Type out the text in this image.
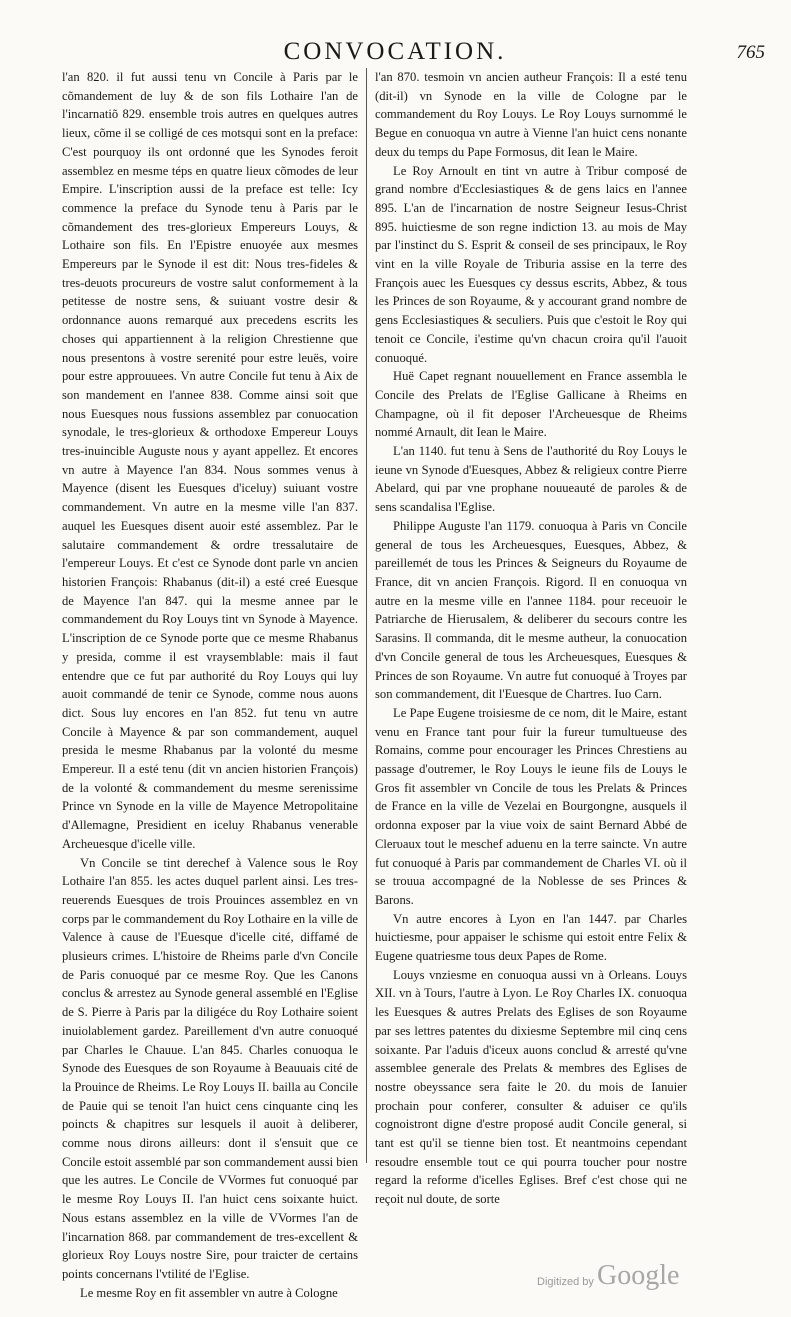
CONVOCATION.	765

l'an 820. il fut aussi tenu vn Concile à Paris par le cõmandement de luy & de son fils Lothaire l'an de l'incarnatiõ 829. ensemble trois autres en quelques autres lieux, cõme il se colligé de ces motsqui sont en la preface: C'est pourquoy ils ont ordonné que les Synodes feroit assemblez en mesme téps en quatre lieux cõmodes de leur Empire. L'inscription aussi de la preface est telle: Icy commence la preface du Synode tenu à Paris par le cõmandement des tres-glorieux Empereurs Louys, & Lothaire son fils. En l'Epistre enuoyée aux mesmes Empereurs par le Synode il est dit: Nous tres-fideles & tres-deuots procureurs de vostre salut conformement à la petitesse de nostre sens, & suiuant vostre desir & ordonnance auons remarqué aux precedens escrits les choses qui appartiennent à la religion Chrestienne que nous presentons à vostre serenité pour estre leuës, voire pour estre approuuees. Vn autre Concile fut tenu à Aix de son mandement en l'annee 838. Comme ainsi soit que nous Euesques nous fussions assemblez par conuocation synodale, le tres-glorieux & orthodoxe Empereur Louys tres-inuincible Auguste nous y ayant appellez. Et encores vn autre à Mayence l'an 834. Nous sommes venus à Mayence (disent les Euesques d'iceluy) suiuant vostre commandement. Vn autre en la mesme ville l'an 837. auquel les Euesques disent auoir esté assemblez. Par le salutaire commandement & ordre tressalutaire de l'empereur Louys. Et c'est ce Synode dont parle vn ancien historien François: Rhabanus (dit-il) a esté creé Euesque de Mayence l'an 847. qui la mesme annee par le commandement du Roy Louys tint vn Synode à Mayence. L'inscription de ce Synode porte que ce mesme Rhabanus y presida, comme il est vraysemblable: mais il faut entendre que ce fut par authorité du Roy Louys qui luy auoit commandé de tenir ce Synode, comme nous auons dict. Sous luy encores en l'an 852. fut tenu vn autre Concile à Mayence & par son commandement, auquel presida le mesme Rhabanus par la volonté du mesme Empereur. Il a esté tenu (dit vn ancien historien François) de la volonté & commandement du mesme serenissime Prince vn Synode en la ville de Mayence Metropolitaine d'Allemagne, Presidient en iceluy Rhabanus venerable Archeuesque d'icelle ville.

Vn Concile se tint derechef à Valence sous le Roy Lothaire l'an 855. les actes duquel parlent ainsi. Les tres-reuerends Euesques de trois Prouinces assemblez en vn corps par le commandement du Roy Lothaire en la ville de Valence à cause de l'Euesque d'icelle cité, diffamé de plusieurs crimes. L'histoire de Rheims parle d'vn Concile de Paris conuoqué par ce mesme Roy. Que les Canons conclus & arrestez au Synode general assemblé en l'Eglise de S. Pierre à Paris par la diligéce du Roy Lothaire soient inuiolablement gardez. Pareillement d'vn autre conuoqué par Charles le Chauue. L'an 845. Charles conuoqua le Synode des Euesques de son Royaume à Beauuais cité de la Prouince de Rheims. Le Roy Louys II. bailla au Concile de Pauie qui se tenoit l'an huict cens cinquante cinq les poincts & chapitres sur lesquels il auoit à deliberer, comme nous dirons ailleurs: dont il s'ensuit que ce Concile estoit assemblé par son commandement aussi bien que les autres. Le Concile de VVormes fut conuoqué par le mesme Roy Louys II. l'an huict cens soixante huict. Nous estans assemblez en la ville de VVormes l'an de l'incarnation 868. par commandement de tres-excellent & glorieux Roy Louys nostre Sire, pour traicter de certains points concernans l'vtilité de l'Eglise.

Le mesme Roy en fit assembler vn autre à Cologne

l'an 870. tesmoin vn ancien autheur François: Il a esté tenu (dit-il) vn Synode en la ville de Cologne par le commandement du Roy Louys. Le Roy Louys surnommé le Begue en conuoqua vn autre à Vienne l'an huict cens nonante deux du temps du Pape Formosus, dit Iean le Maire.

Le Roy Arnoult en tint vn autre à Tribur composé de grand nombre d'Ecclesiastiques & de gens laics en l'annee 895. L'an de l'incarnation de nostre Seigneur Iesus-Christ 895. huictiesme de son regne indiction 13. au mois de May par l'instinct du S. Esprit & conseil de ses principaux, le Roy vint en la ville Royale de Triburia assise en la terre des François auec les Euesques cy dessus escrits, Abbez, & tous les Princes de son Royaume, & y accourant grand nombre de gens Ecclesiastiques & seculiers. Puis que c'estoit le Roy qui tenoit ce Concile, i'estime qu'vn chacun croira qu'il l'auoit conuoqué.

Huë Capet regnant nouuellement en France assembla le Concile des Prelats de l'Eglise Gallicane à Rheims en Champagne, où il fit deposer l'Archeuesque de Rheims nommé Arnault, dit Iean le Maire.

L'an 1140. fut tenu à Sens de l'authorité du Roy Louys le ieune vn Synode d'Euesques, Abbez & religieux contre Pierre Abelard, qui par vne prophane nouueauté de paroles & de sens scandalisa l'Eglise.

Philippe Auguste l'an 1179. conuoqua à Paris vn Concile general de tous les Archeuesques, Euesques, Abbez, & pareillemét de tous les Princes & Seigneurs du Royaume de France, dit vn ancien François. Rigord. Il en conuoqua vn autre en la mesme ville en l'annee 1184. pour receuoir le Patriarche de Hierusalem, & deliberer du secours contre les Sarasins. Il commanda, dit le mesme autheur, la conuocation d'vn Concile general de tous les Archeuesques, Euesques & Princes de son Royaume. Vn autre fut conuoqué à Troyes par son commandement, dit l'Euesque de Chartres. Iuo Carn.

Le Pape Eugene troisiesme de ce nom, dit le Maire, estant venu en France tant pour fuir la fureur tumultueuse des Romains, comme pour encourager les Princes Chrestiens au passage d'outremer, le Roy Louys le ieune fils de Louys le Gros fit assembler vn Concile de tous les Prelats & Princes de France en la ville de Vezelai en Bourgongne, ausquels il ordonna exposer par la viue voix de saint Bernard Abbé de Clerυaux tout le meschef aduenu en la terre saincte. Vn autre fut conuoqué à Paris par commandement de Charles VI. où il se trouua accompagné de la Noblesse de ses Princes & Barons.

Vn autre encores à Lyon en l'an 1447. par Charles huictiesme, pour appaiser le schisme qui estoit entre Felix & Eugene quatriesme tous deux Papes de Rome.

Louys vnziesme en conuoqua aussi vn à Orleans. Louys XII. vn à Tours, l'autre à Lyon. Le Roy Charles IX. conuoqua les Euesques & autres Prelats des Eglises de son Royaume par ses lettres patentes du dixiesme Septembre mil cinq cens soixante. Par l'aduis d'iceux auons conclud & arresté qu'vne assemblee generale des Prelats & membres des Eglises de nostre obeyssance sera faite le 20. du mois de Ianuier prochain pour conferer, consulter & aduiser ce qu'ils cognoistront digne d'estre proposé audit Concile general, si tant est qu'il se tienne bien tost. Et neantmoins cependant resoudre ensemble tout ce qui pourra toucher pour nostre regard la reforme d'icelles Eglises. Bref c'est chose qui ne reçoit nul doute, de sorte

Digitized by Google
